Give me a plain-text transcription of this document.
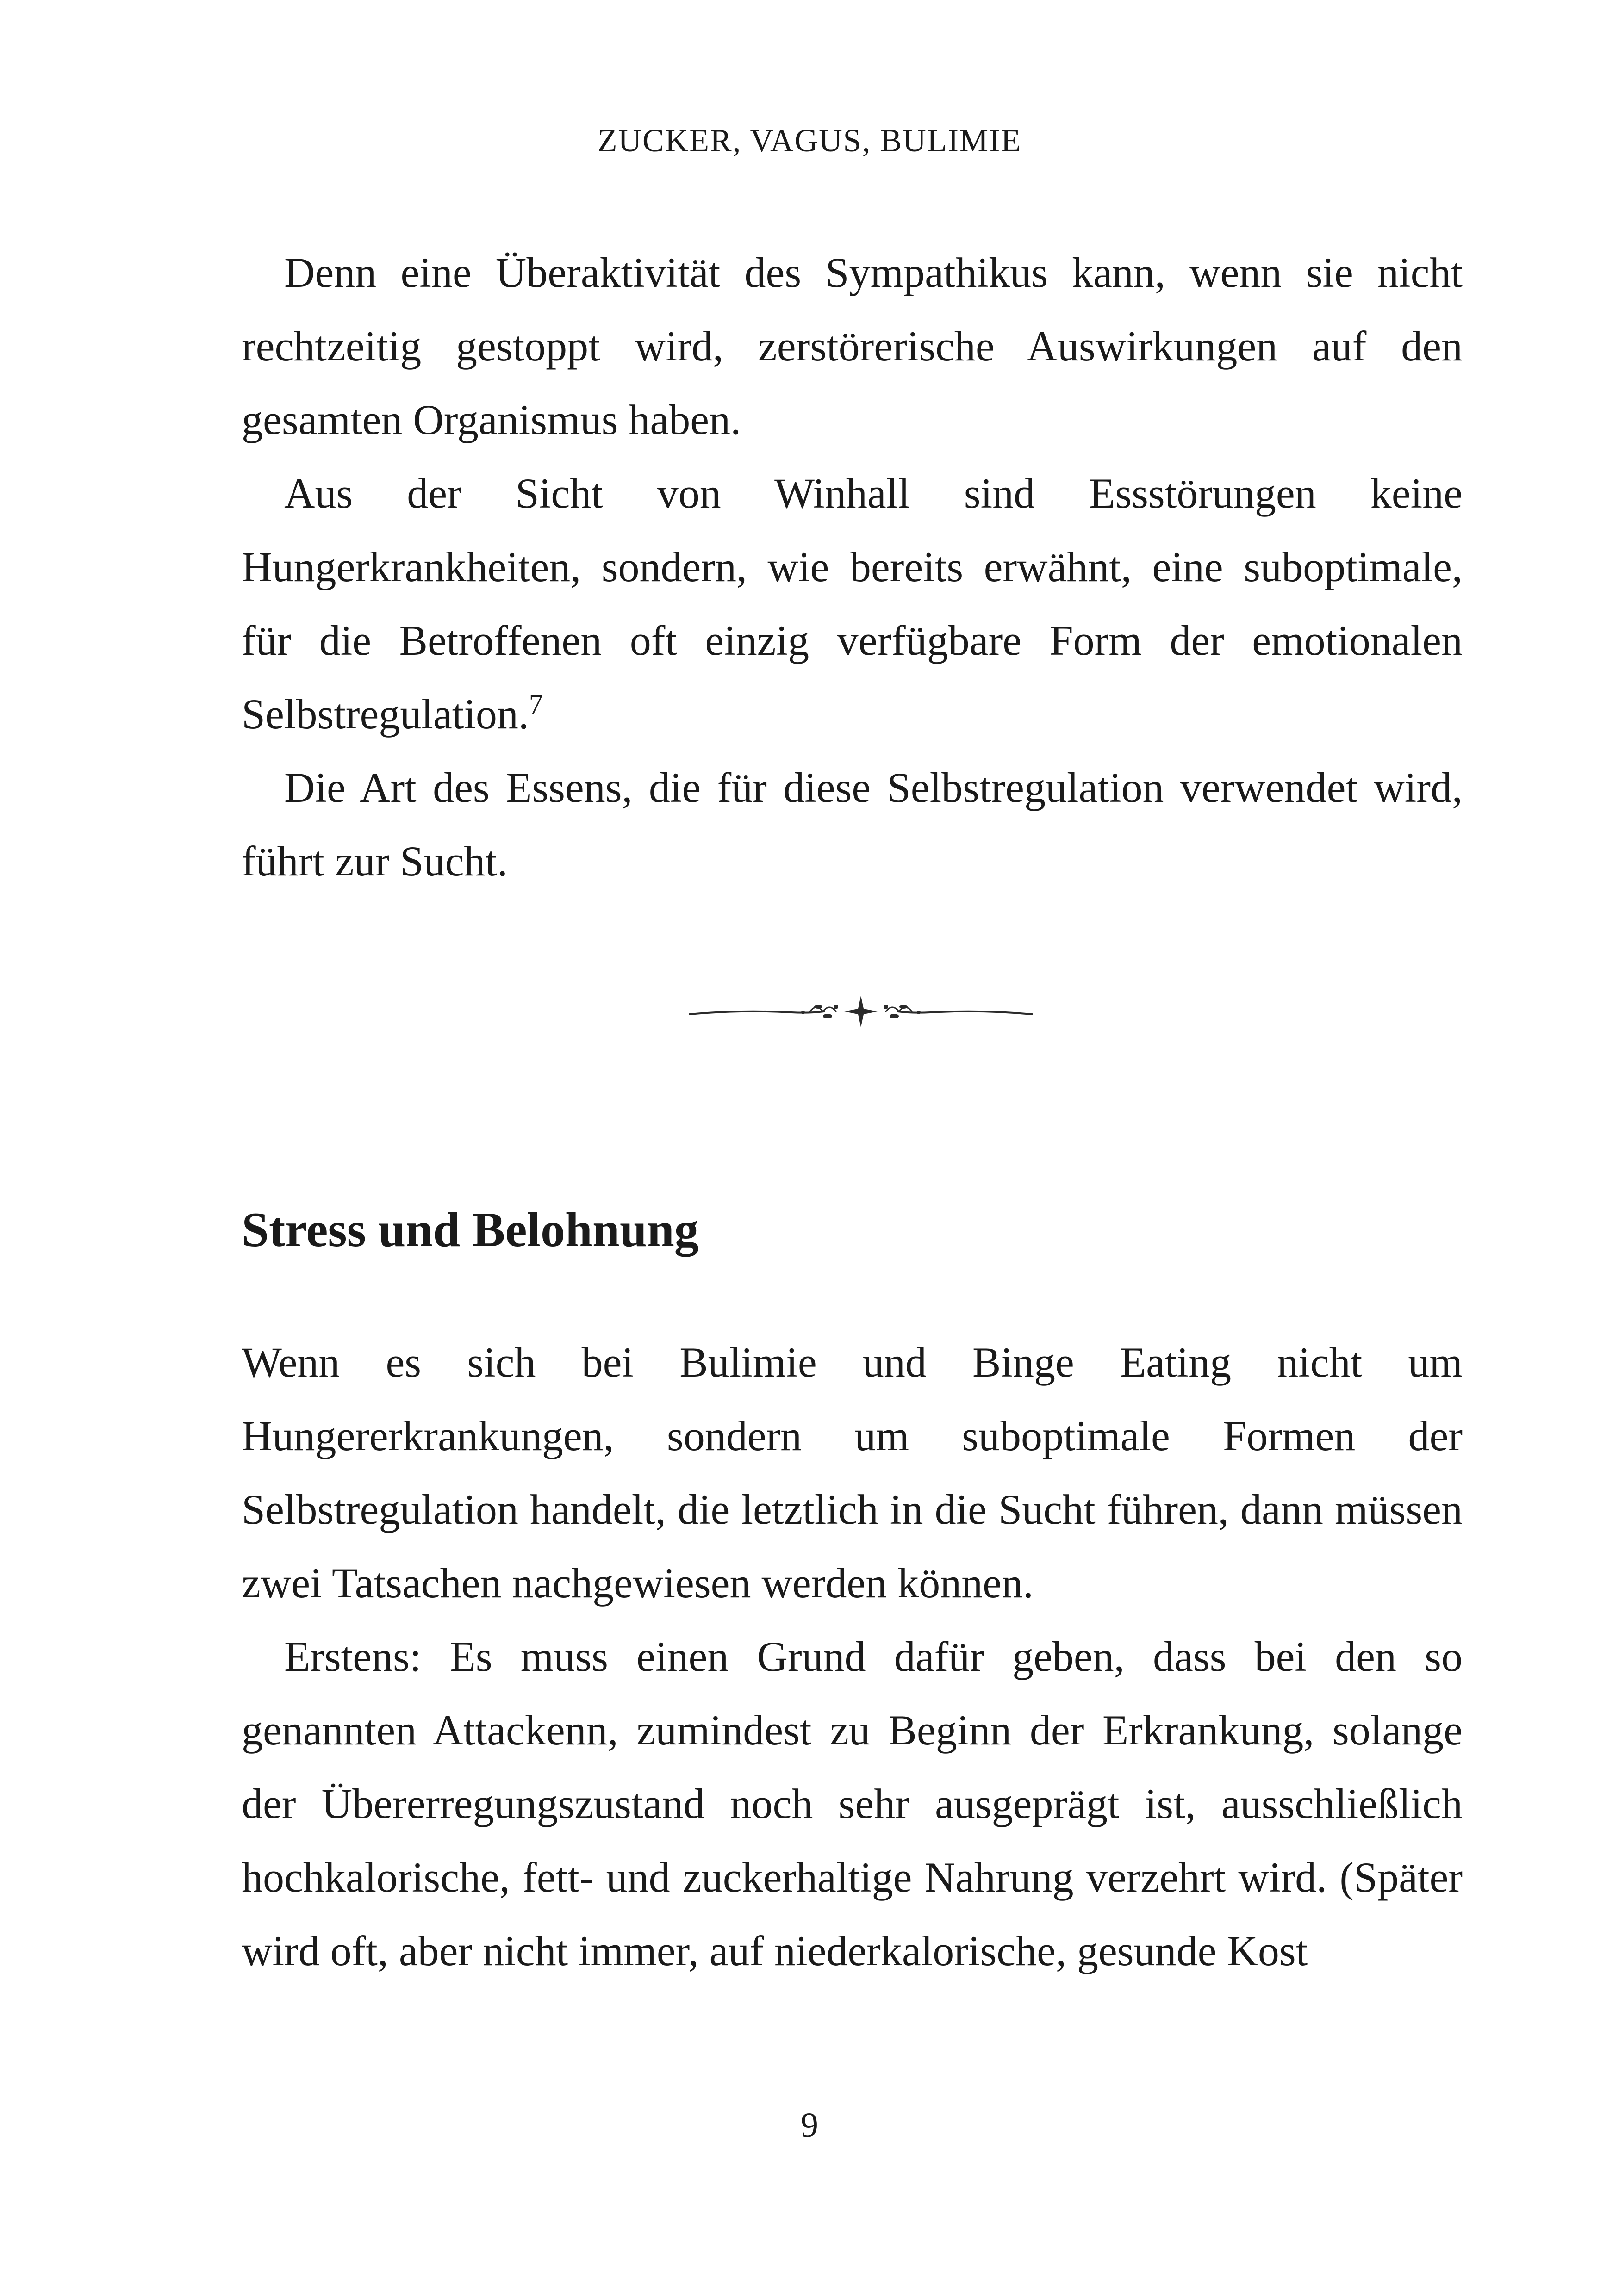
ZUCKER, VAGUS, BULIMIE

Denn eine Überaktivität des Sympathikus kann, wenn sie nicht rechtzeitig gestoppt wird, zerstörerische Auswirkungen auf den gesamten Organismus haben.

Aus der Sicht von Winhall sind Essstörungen keine Hungerkrankheiten, sondern, wie bereits erwähnt, eine suboptimale, für die Betroffenen oft einzig verfügbare Form der emotionalen Selbstregulation.$^7$

Die Art des Essens, die für diese Selbstregulation verwendet wird, führt zur Sucht.

Stress und Belohnung

Wenn es sich bei Bulimie und Binge Eating nicht um Hungererkrankungen, sondern um suboptimale Formen der Selbstregulation handelt, die letztlich in die Sucht führen, dann müssen zwei Tatsachen nachgewiesen werden können.

Erstens: Es muss einen Grund dafür geben, dass bei den so genannten Attackenn, zumindest zu Beginn der Erkrankung, solange der Übererregungszustand noch sehr ausgeprägt ist, ausschließlich hochkalorische, fett- und zuckerhaltige Nahrung verzehrt wird. (Später wird oft, aber nicht immer, auf niederkalorische, gesunde Kost

9
